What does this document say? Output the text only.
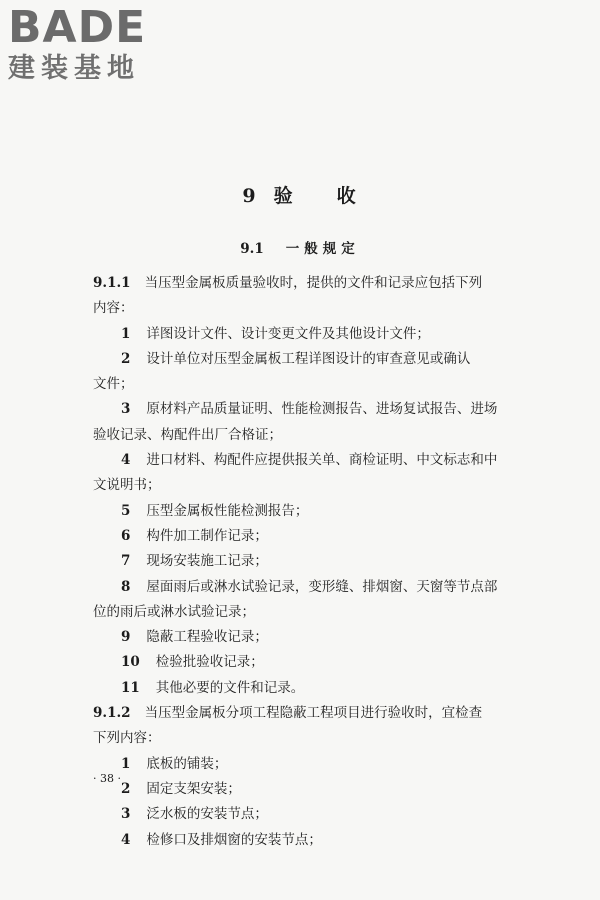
BADE
建装基地
9 验 收
9.1 一般规定
9.1.1 当压型金属板质量验收时，提供的文件和记录应包括下列
内容：
1 详图设计文件、设计变更文件及其他设计文件；
2 设计单位对压型金属板工程详图设计的审查意见或确认
文件；
3 原材料产品质量证明、性能检测报告、进场复试报告、进场
验收记录、构配件出厂合格证；
4 进口材料、构配件应提供报关单、商检证明、中文标志和中
文说明书；
5 压型金属板性能检测报告；
6 构件加工制作记录；
7 现场安装施工记录；
8 屋面雨后或淋水试验记录，变形缝、排烟窗、天窗等节点部
位的雨后或淋水试验记录；
9 隐蔽工程验收记录；
10 检验批验收记录；
11 其他必要的文件和记录。
9.1.2 当压型金属板分项工程隐蔽工程项目进行验收时，宜检查
下列内容：
1 底板的铺装；
2 固定支架安装；
3 泛水板的安装节点；
4 检修口及排烟窗的安装节点；
· 38 ·
